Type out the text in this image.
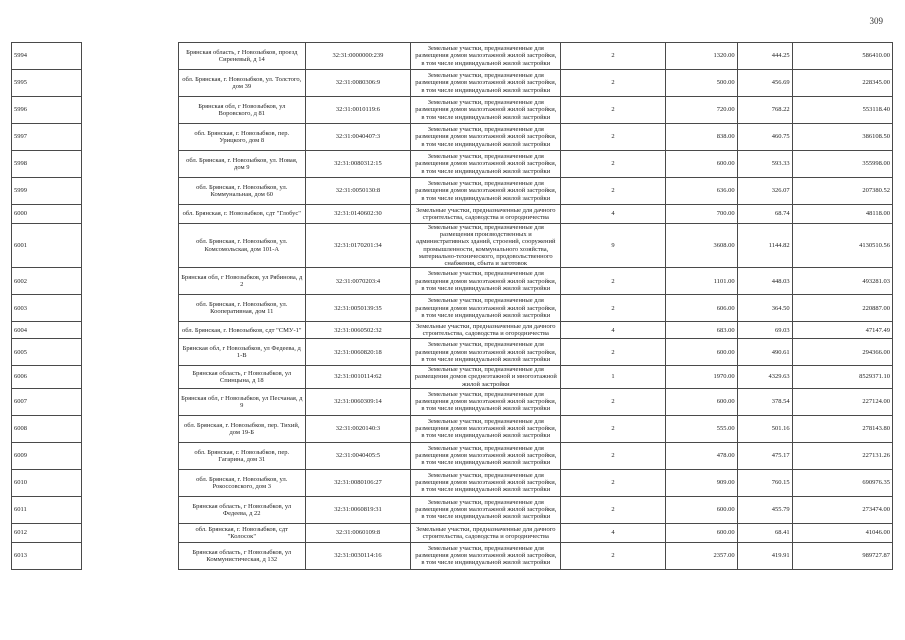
309
5994		Брянская область, г Новозыбков, проезд Сиреневый, д 14	32:31:0000000:239	Земельные участки, предназначенные для размещения домов малоэтажной жилой застройки, в том числе индивидуальной жилой застройки	2	1320.00	444.25	586410.00
5995		обл. Брянская, г. Новозыбков, ул. Толстого, дом 39	32:31:0080306:9	Земельные участки, предназначенные для размещения домов малоэтажной жилой застройки, в том числе индивидуальной жилой застройки	2	500.00	456.69	228345.00
5996		Брянская обл, г Новозыбков, ул Воровского, д 81	32:31:0010119:6	Земельные участки, предназначенные для размещения домов малоэтажной жилой застройки, в том числе индивидуальной жилой застройки	2	720.00	768.22	553118.40
5997		обл. Брянская, г. Новозыбков, пер. Урицкого, дом 8	32:31:0040407:3	Земельные участки, предназначенные для размещения домов малоэтажной жилой застройки, в том числе индивидуальной жилой застройки	2	838.00	460.75	386108.50
5998		обл. Брянская, г. Новозыбков, ул. Новая, дом 9	32:31:0080312:15	Земельные участки, предназначенные для размещения домов малоэтажной жилой застройки, в том числе индивидуальной жилой застройки	2	600.00	593.33	355998.00
5999		обл. Брянская, г. Новозыбков, ул. Коммунальная, дом 60	32:31:0050130:8	Земельные участки, предназначенные для размещения домов малоэтажной жилой застройки, в том числе индивидуальной жилой застройки	2	636.00	326.07	207380.52
6000		обл. Брянская, г. Новозыбков, сдт "Глобус"	32:31:0140602:30	Земельные участки, предназначенные для дачного строительства, садоводства и огородничества	4	700.00	68.74	48118.00
6001		обл. Брянская, г. Новозыбков, ул. Комсомольская, дом 101-А	32:31:0170201:34	Земельные участки, предназначенные для размещения производственных и административных зданий, строений, сооружений промышленности, коммунального хозяйства, материально-технического, продовольственного снабжения, сбыта и заготовок	9	3608.00	1144.82	4130510.56
6002		Брянская обл, г Новозыбков, ул Рябинова, д 2	32:31:0070203:4	Земельные участки, предназначенные для размещения домов малоэтажной жилой застройки, в том числе индивидуальной жилой застройки	2	1101.00	448.03	493281.03
6003		обл. Брянская, г. Новозыбков, ул. Кооперативная, дом 11	32:31:0050139:35	Земельные участки, предназначенные для размещения домов малоэтажной жилой застройки, в том числе индивидуальной жилой застройки	2	606.00	364.50	220887.00
6004		обл. Брянская, г. Новозыбков, сдт "СМУ-1"	32:31:0060502:32	Земельные участки, предназначенные для дачного строительства, садоводства и огородничества	4	683.00	69.03	47147.49
6005		Брянская обл, г Новозыбков, ул Федеева, д 1-В	32:31:0060820:18	Земельные участки, предназначенные для размещения домов малоэтажной жилой застройки, в том числе индивидуальной жилой застройки	2	600.00	490.61	294366.00
6006		Брянская область, г Новозыбков, ул Спинцына, д 18	32:31:0010114:62	Земельные участки, предназначенные для размещения домов среднеэтажной и многоэтажной жилой застройки	1	1970.00	4329.63	8529371.10
6007		Брянская обл, г Новозыбков, ул Песчаная, д 9	32:31:0060309:14	Земельные участки, предназначенные для размещения домов малоэтажной жилой застройки, в том числе индивидуальной жилой застройки	2	600.00	378.54	227124.00
6008		обл. Брянская, г. Новозыбков, пер. Тихий, дом 19-Б	32:31:0020140:3	Земельные участки, предназначенные для размещения домов малоэтажной жилой застройки, в том числе индивидуальной жилой застройки	2	555.00	501.16	278143.80
6009		обл. Брянская, г. Новозыбков, пер. Гагарина, дом 31	32:31:0040405:5	Земельные участки, предназначенные для размещения домов малоэтажной жилой застройки, в том числе индивидуальной жилой застройки	2	478.00	475.17	227131.26
6010		обл. Брянская, г. Новозыбков, ул. Рокоссовского, дом 3	32:31:0080106:27	Земельные участки, предназначенные для размещения домов малоэтажной жилой застройки, в том числе индивидуальной жилой застройки	2	909.00	760.15	690976.35
6011		Брянская область, г Новозыбков, ул Федеева, д 22	32:31:0060819:31	Земельные участки, предназначенные для размещения домов малоэтажной жилой застройки, в том числе индивидуальной жилой застройки	2	600.00	455.79	273474.00
6012		обл. Брянская, г. Новозыбков, сдт "Колосок"	32:31:0060109:8	Земельные участки, предназначенные для дачного строительства, садоводства и огородничества	4	600.00	68.41	41046.00
6013		Брянская область, г Новозыбков, ул Коммунистическая, д 132	32:31:0030114:16	Земельные участки, предназначенные для размещения домов малоэтажной жилой застройки, в том числе индивидуальной жилой застройки	2	2357.00	419.91	989727.87
